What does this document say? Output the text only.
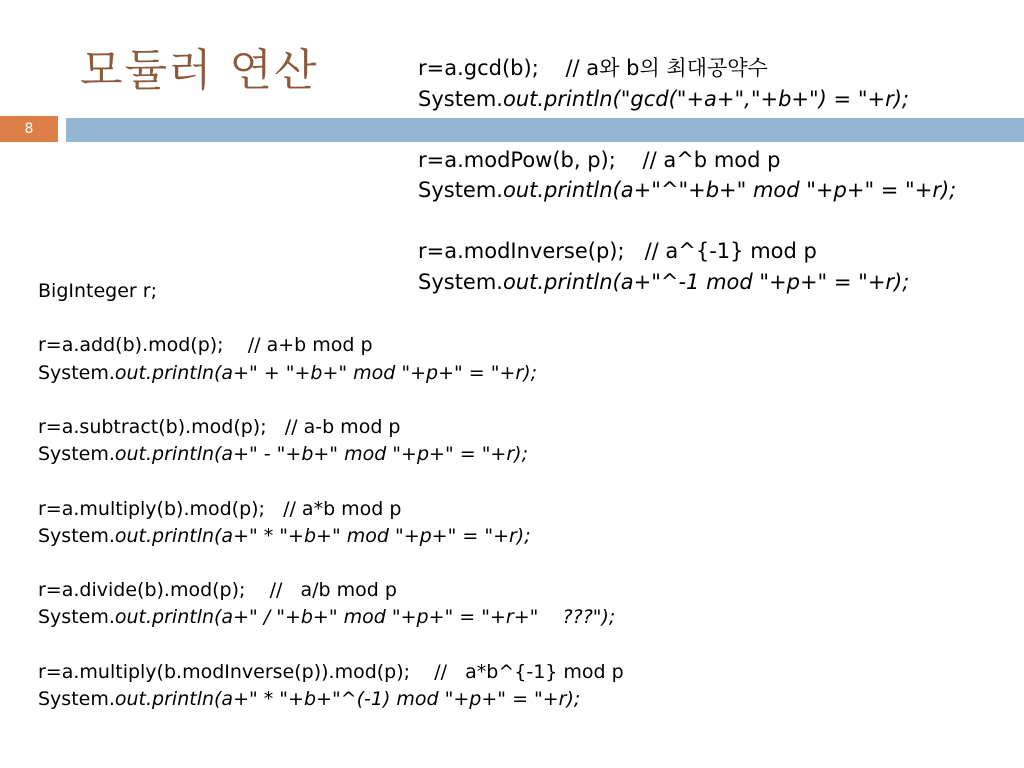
모듈러 연산
8
r=a.gcd(b);    // a와 b의 최대공약수
System.out.println("gcd("+a+","+b+") = "+r);

r=a.modPow(b, p);    // a^b mod p
System.out.println(a+"^"+b+" mod "+p+" = "+r);

r=a.modInverse(p);   // a^{-1} mod p
System.out.println(a+"^-1 mod "+p+" = "+r);
BigInteger r;

r=a.add(b).mod(p);    // a+b mod p
System.out.println(a+" + "+b+" mod "+p+" = "+r);

r=a.subtract(b).mod(p);   // a-b mod p
System.out.println(a+" - "+b+" mod "+p+" = "+r);

r=a.multiply(b).mod(p);   // a*b mod p
System.out.println(a+" * "+b+" mod "+p+" = "+r);

r=a.divide(b).mod(p);    //   a/b mod p
System.out.println(a+" / "+b+" mod "+p+" = "+r+"    ???");

r=a.multiply(b.modInverse(p)).mod(p);    //   a*b^{-1} mod p
System.out.println(a+" * "+b+"^(-1) mod "+p+" = "+r);
